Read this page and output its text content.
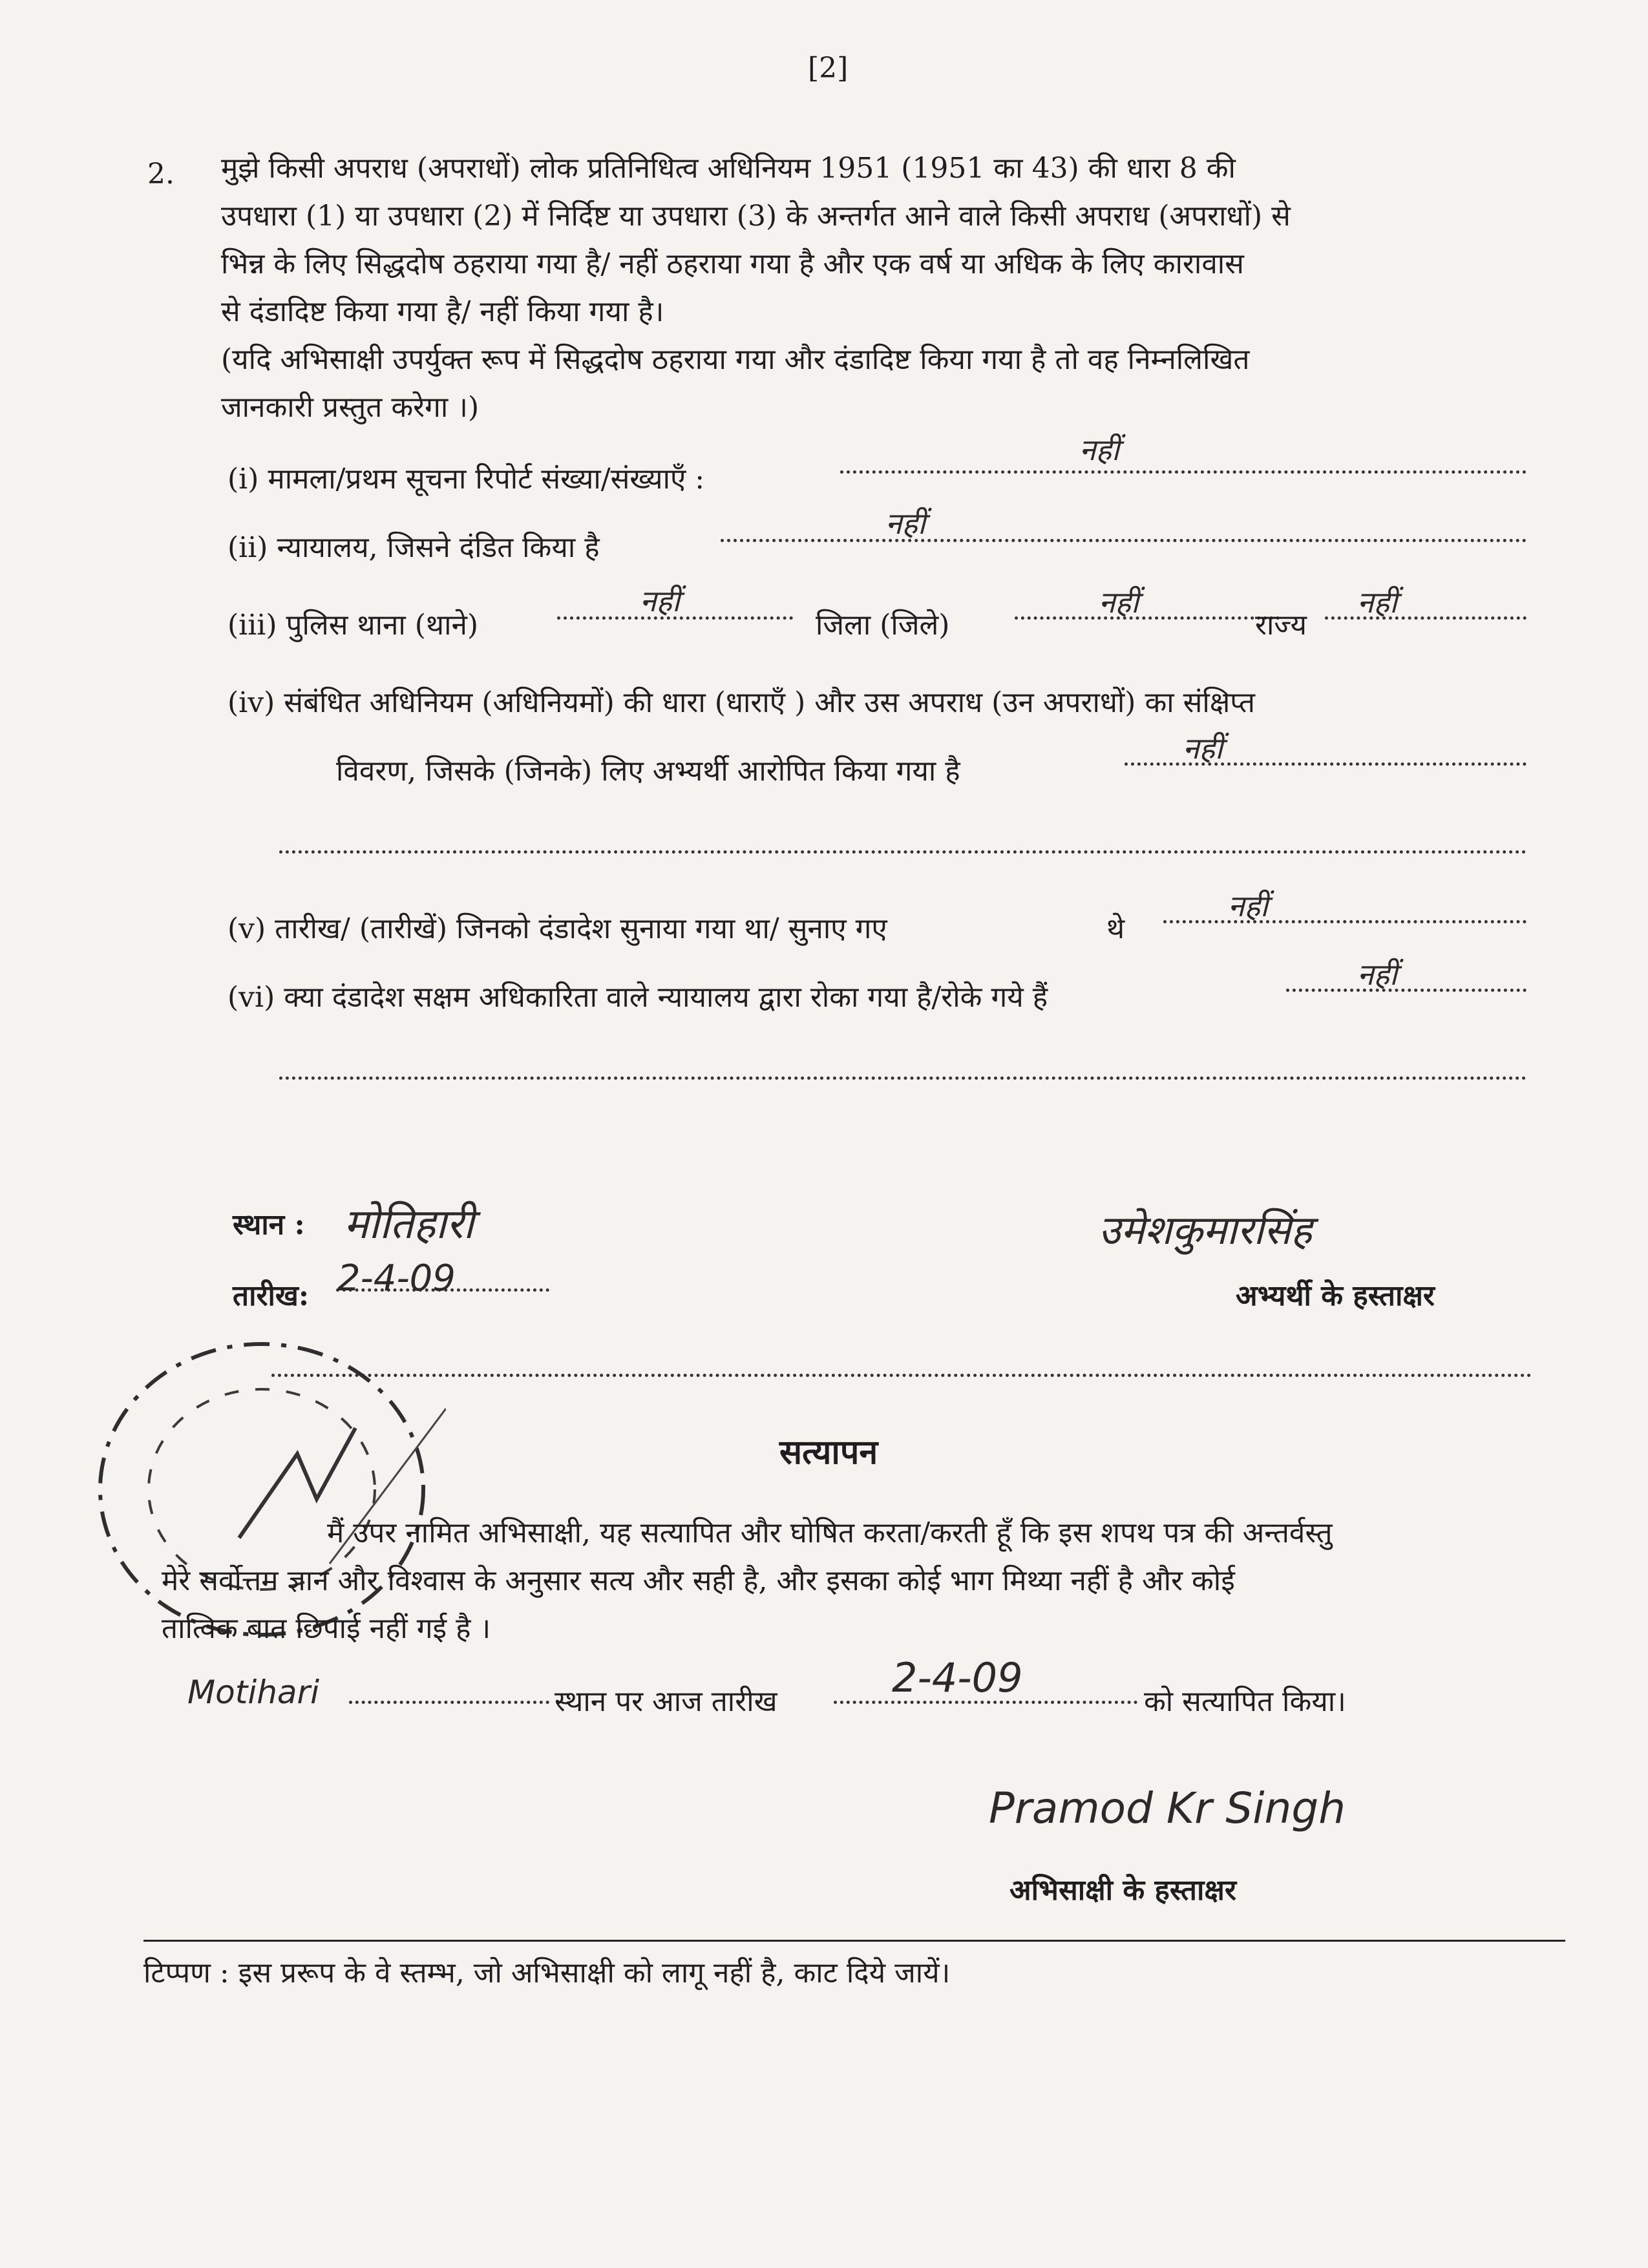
[2]
2. मुझे किसी अपराध (अपराधों) लोक प्रतिनिधित्व अधिनियम 1951 (1951 का 43) की धारा 8 की
उपधारा (1) या उपधारा (2) में निर्दिष्ट या उपधारा (3) के अन्तर्गत आने वाले किसी अपराध (अपराधों) से
भिन्न के लिए सिद्धदोष ठहराया गया है/ नहीं ठहराया गया है और एक वर्ष या अधिक के लिए कारावास
से दंडादिष्ट किया गया है/ नहीं किया गया है।
(यदि अभिसाक्षी उपर्युक्त रूप में सिद्धदोष ठहराया गया और दंडादिष्ट किया गया है तो वह निम्नलिखित
जानकारी प्रस्तुत करेगा ।)
(i) मामला/प्रथम सूचना रिपोर्ट संख्या/संख्याएँ :
नहीं
(ii) न्यायालय, जिसने दंडित किया है
नहीं
(iii) पुलिस थाना (थाने)
नहीं
जिला (जिले)
नहीं
राज्य
नहीं
(iv) संबंधित अधिनियम (अधिनियमों) की धारा (धाराएँ ) और उस अपराध (उन अपराधों) का संक्षिप्त
विवरण, जिसके (जिनके) लिए अभ्यर्थी आरोपित किया गया है
नहीं
(v) तारीख/ (तारीखें) जिनको दंडादेश सुनाया गया था/ सुनाए गए	थे
नहीं
(vi) क्या दंडादेश सक्षम अधिकारिता वाले न्यायालय द्वारा रोका गया है/रोके गये हैं
नहीं
स्थान : मोतिहारी
तारीख: 2-4-09
उमेशकुमारसिंह
अभ्यर्थी के हस्ताक्षर
सत्यापन
मैं उपर नामित अभिसाक्षी, यह सत्यापित और घोषित करता/करती हूँ कि इस शपथ पत्र की अन्तर्वस्तु
मेरे सर्वोत्तम ज्ञान और विश्वास के अनुसार सत्य और सही है, और इसका कोई भाग मिथ्या नहीं है और कोई
तात्विक बात छिपाई नहीं गई है ।
Motihari	स्थान पर आज तारीख
2-4-09
को सत्यापित किया।
Pramod Kr Singh
अभिसाक्षी के हस्ताक्षर
टिप्पण : इस प्ररूप के वे स्तम्भ, जो अभिसाक्षी को लागू नहीं है, काट दिये जायें।
